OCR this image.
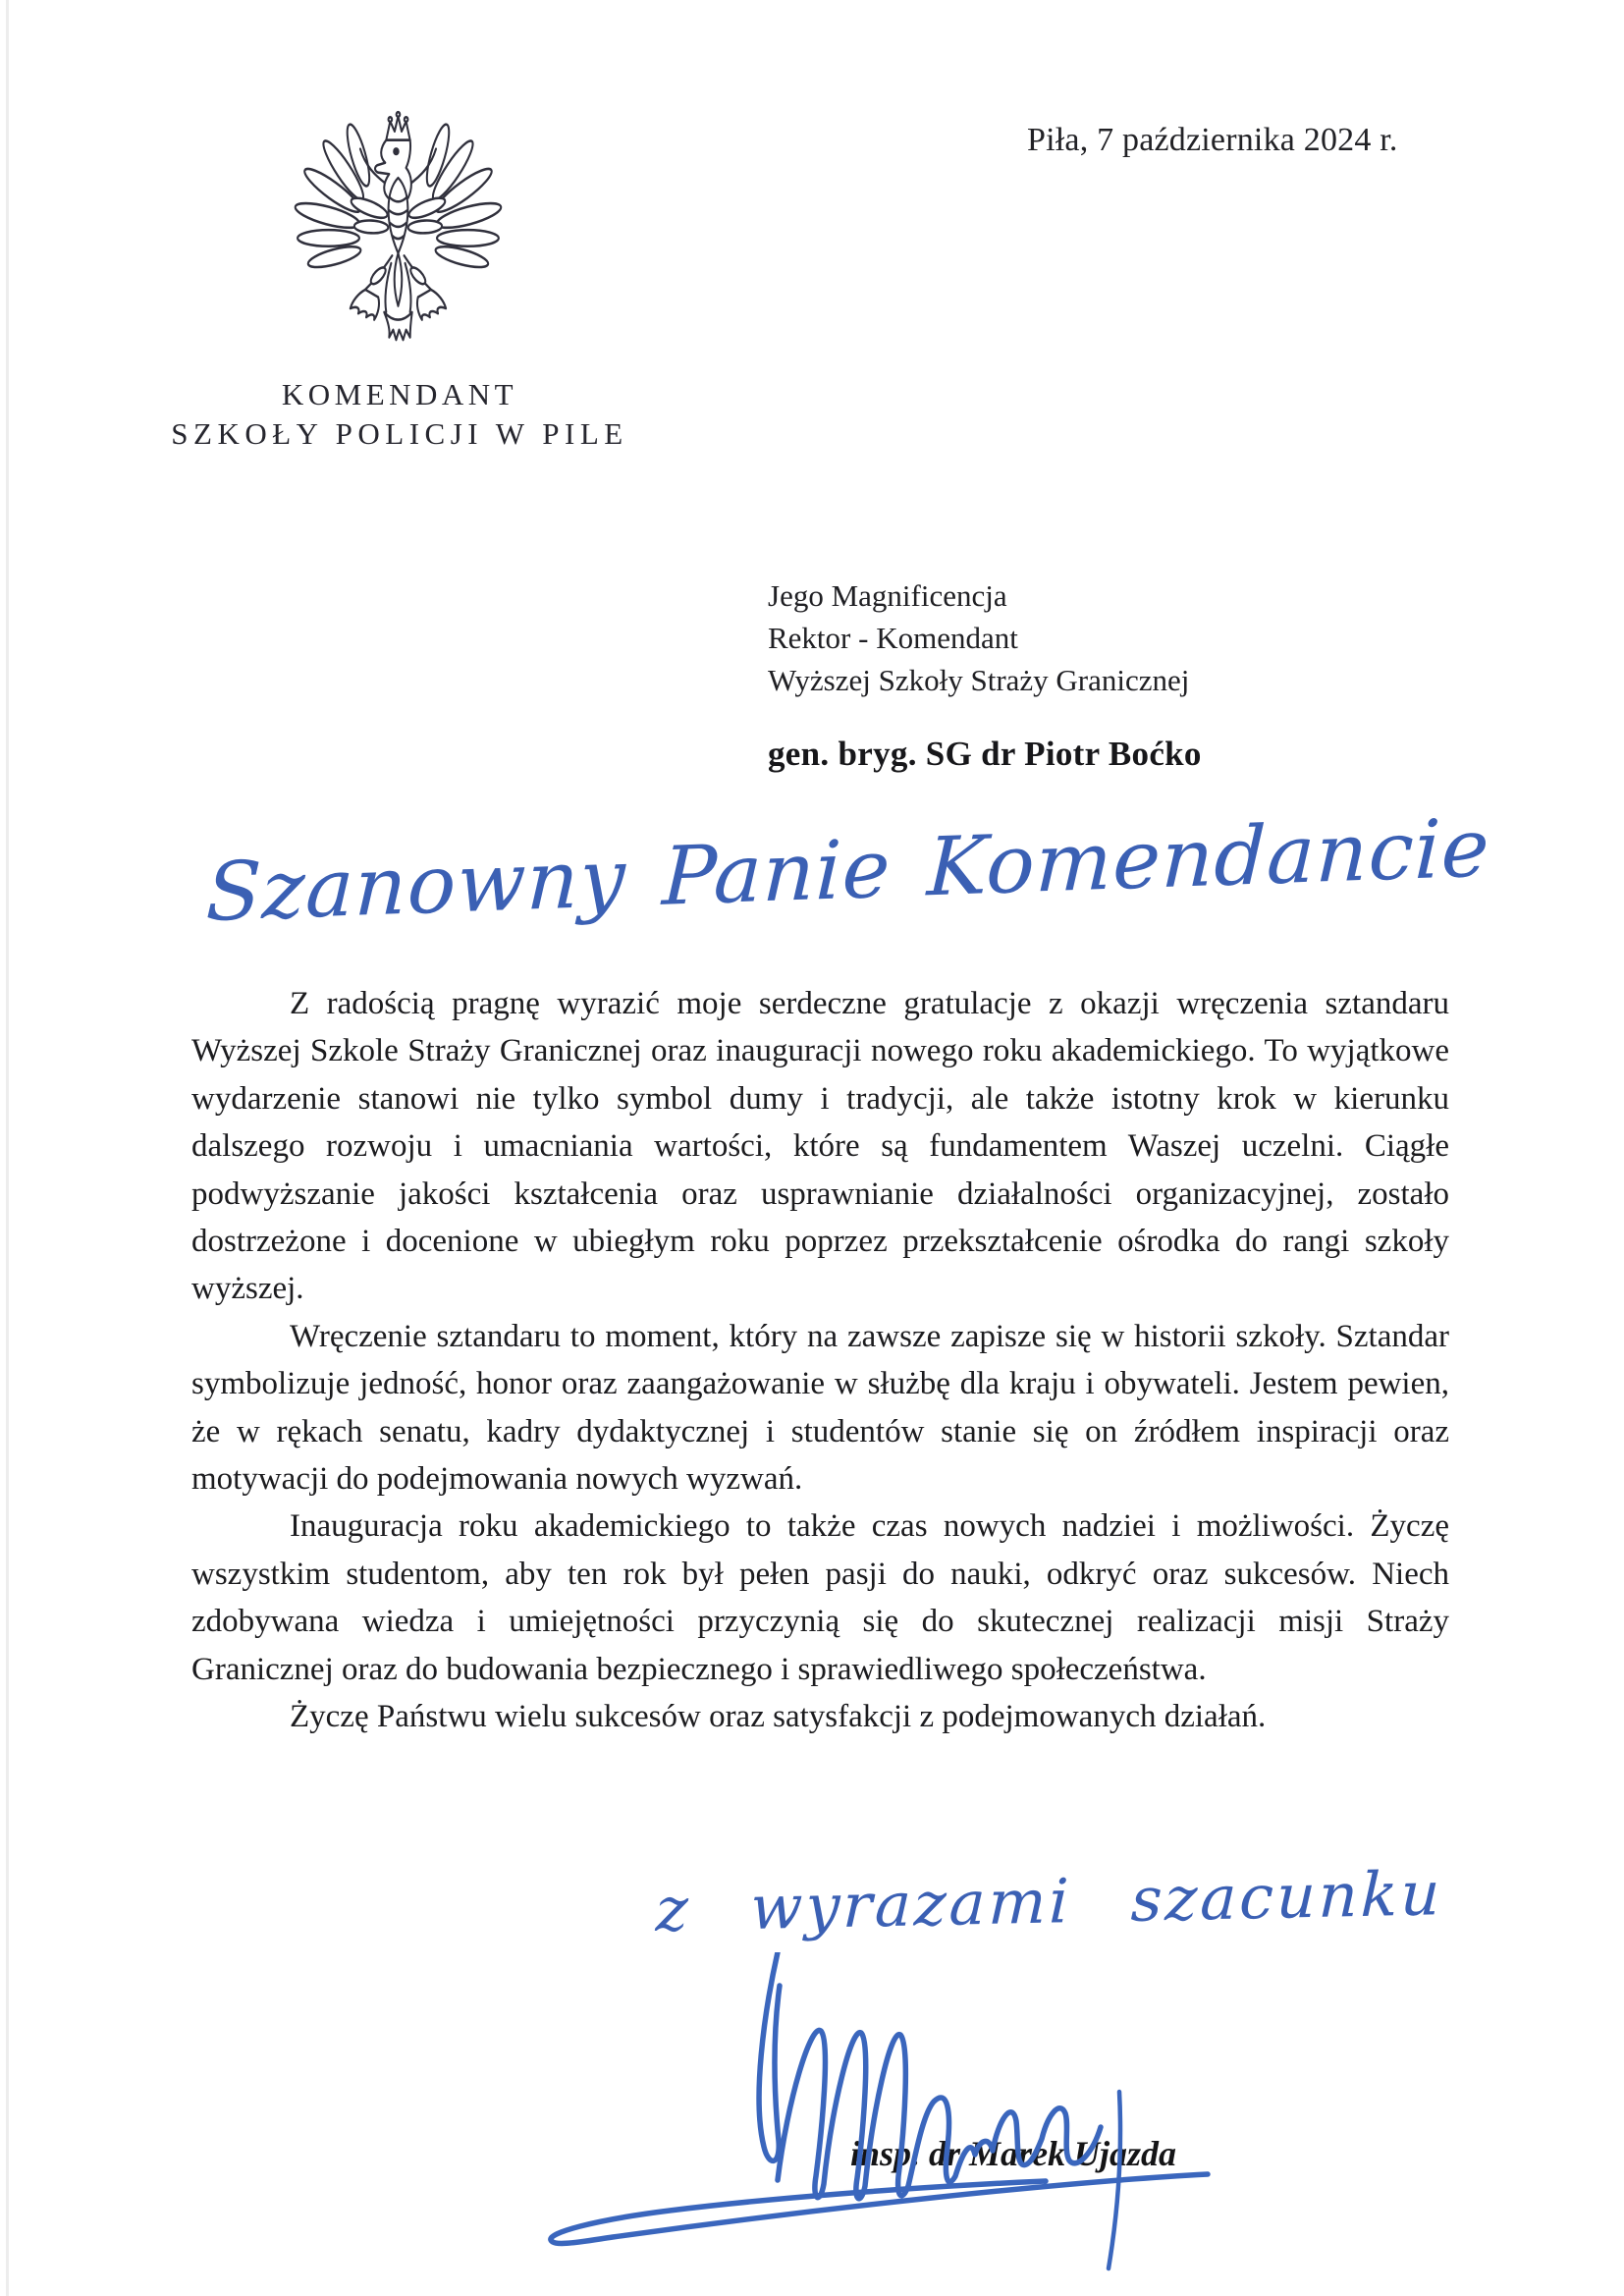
Piła, 7 października 2024 r.
KOMENDANT
SZKOŁY POLICJI W PILE
Jego Magnificencja
Rektor - Komendant
Wyższej Szkoły Straży Granicznej
gen. bryg. SG dr Piotr Boćko
Szanowny Panie Komendancie

Z radością pragnę wyrazić moje serdeczne gratulacje z okazji wręczenia sztandaru Wyższej Szkole Straży Granicznej oraz inauguracji nowego roku akademickiego. To wyjątkowe wydarzenie stanowi nie tylko symbol dumy i tradycji, ale także istotny krok w kierunku dalszego rozwoju i umacniania wartości, które są fundamentem Waszej uczelni. Ciągłe podwyższanie jakości kształcenia oraz usprawnianie działalności organizacyjnej, zostało dostrzeżone i docenione w ubiegłym roku poprzez przekształcenie ośrodka do rangi szkoły wyższej.

Wręczenie sztandaru to moment, który na zawsze zapisze się w historii szkoły. Sztandar symbolizuje jedność, honor oraz zaangażowanie w służbę dla kraju i obywateli. Jestem pewien, że w rękach senatu, kadry dydaktycznej i studentów stanie się on źródłem inspiracji oraz motywacji do podejmowania nowych wyzwań.

Inauguracja roku akademickiego to także czas nowych nadziei i możliwości. Życzę wszystkim studentom, aby ten rok był pełen pasji do nauki, odkryć oraz sukcesów. Niech zdobywana wiedza i umiejętności przyczynią się do skutecznej realizacji misji Straży Granicznej oraz do budowania bezpiecznego i sprawiedliwego społeczeństwa.

Życzę Państwu wielu sukcesów oraz satysfakcji z podejmowanych działań.

z wyrazami szacunku
insp. dr Marek Ujazda
